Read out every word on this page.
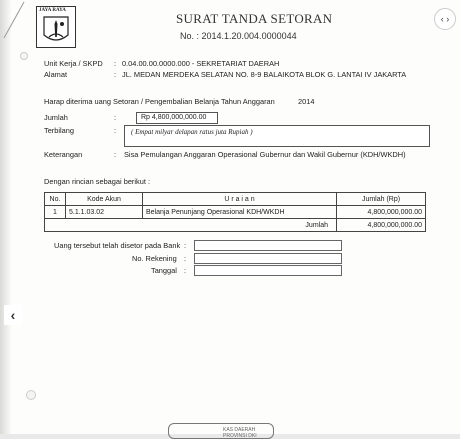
JAYA RAYA
SURAT TANDA SETORAN
No. : 2014.1.20.004.0000044
Unit Kerja / SKPD : 0.04.00.00.0000.000 - SEKRETARIAT DAERAH
Alamat	: JL. MEDAN MERDEKA SELATAN NO. 8-9 BALAIKOTA BLOK G. LANTAI IV JAKARTA
Harap diterima uang Setoran / Pengembalian Belanja Tahun Anggaran	2014
Jumlah	:	Rp 4,800,000,000.00
Terbilang	: ( Empat milyar delapan ratus juta Rupiah )
Keterangan	: Sisa Pemulangan Anggaran Operasional Gubernur dan Wakil Gubernur (KDH/WKDH)
Dengan rincian sebagai berikut :
No.	Kode Akun	U r a i a n	Jumlah (Rp)
1	5.1.1.03.02	Belanja Penunjang Operasional KDH/WKDH	4,800,000,000.00
Jumlah			4,800,000,000.00
Uang tersebut telah disetor pada Bank :
No. Rekening :
Tanggal :
KAS DAERAH PROVINSI DKI
‹ ›
‹
